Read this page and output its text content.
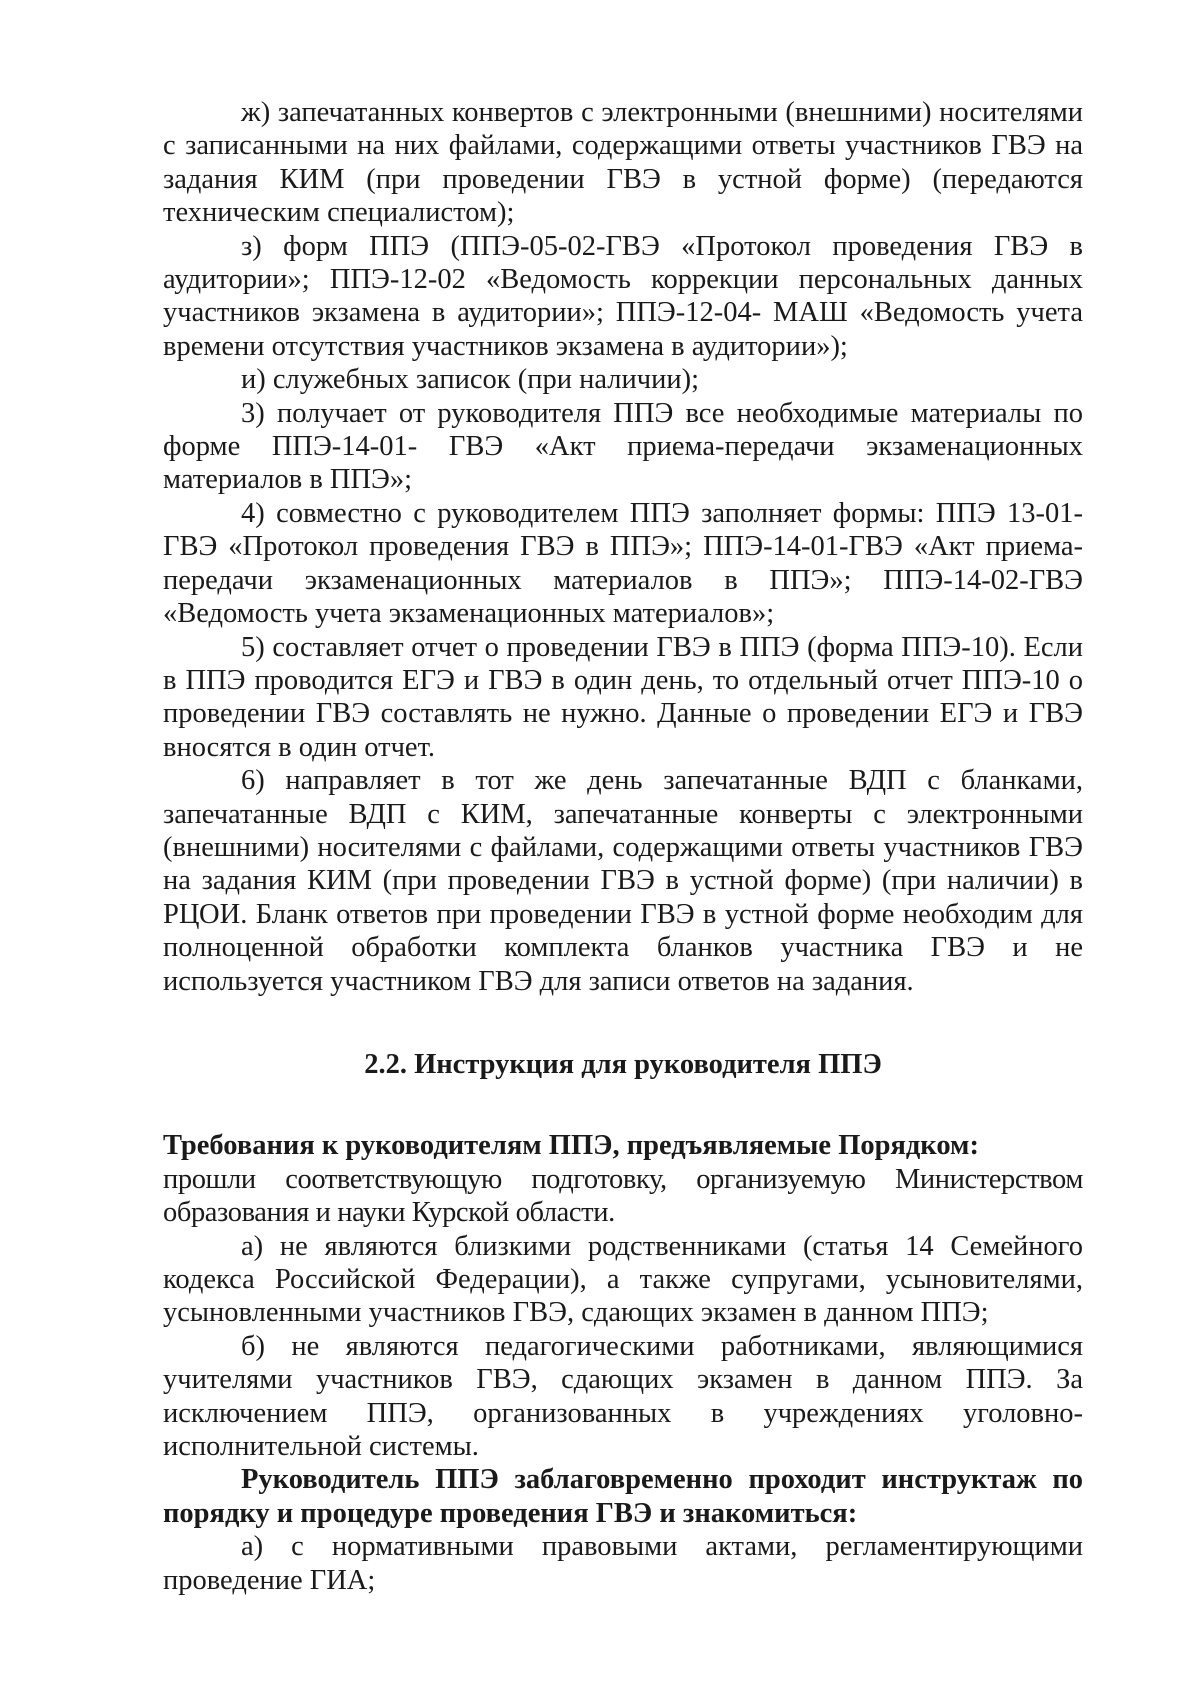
ж) запечатанных конвертов с электронными (внешними) носителями с записанными на них файлами, содержащими ответы участников ГВЭ на задания КИМ (при проведении ГВЭ в устной форме) (передаются техническим специалистом);

з) форм ППЭ (ППЭ-05-02-ГВЭ «Протокол проведения ГВЭ в аудитории»; ППЭ-12-02 «Ведомость коррекции персональных данных участников экзамена в аудитории»; ППЭ-12-04- МАШ «Ведомость учета времени отсутствия участников экзамена в аудитории»);

и) служебных записок (при наличии);

3) получает от руководителя ППЭ все необходимые материалы по форме ППЭ-14-01- ГВЭ «Акт приема-передачи экзаменационных материалов в ППЭ»;

4) совместно с руководителем ППЭ заполняет формы: ППЭ 13-01-ГВЭ «Протокол проведения ГВЭ в ППЭ»; ППЭ-14-01-ГВЭ «Акт приема-передачи экзаменационных материалов в ППЭ»; ППЭ-14-02-ГВЭ «Ведомость учета экзаменационных материалов»;

5) составляет отчет о проведении ГВЭ в ППЭ (форма ППЭ-10). Если в ППЭ проводится ЕГЭ и ГВЭ в один день, то отдельный отчет ППЭ-10 о проведении ГВЭ составлять не нужно. Данные о проведении ЕГЭ и ГВЭ вносятся в один отчет.

6) направляет в тот же день запечатанные ВДП с бланками, запечатанные ВДП с КИМ, запечатанные конверты с электронными (внешними) носителями с файлами, содержащими ответы участников ГВЭ на задания КИМ (при проведении ГВЭ в устной форме) (при наличии) в РЦОИ. Бланк ответов при проведении ГВЭ в устной форме необходим для полноценной обработки комплекта бланков участника ГВЭ и не используется участником ГВЭ для записи ответов на задания.

2.2. Инструкция для руководителя ППЭ

Требования к руководителям ППЭ, предъявляемые Порядком:

прошли соответствующую подготовку, организуемую Министерством образования и науки Курской области.

а) не являются близкими родственниками (статья 14 Семейного кодекса Российской Федерации), а также супругами, усыновителями, усыновленными участников ГВЭ, сдающих экзамен в данном ППЭ;

б) не являются педагогическими работниками, являющимися учителями участников ГВЭ, сдающих экзамен в данном ППЭ. За исключением ППЭ, организованных в учреждениях уголовно-исполнительной системы.

Руководитель ППЭ заблаговременно проходит инструктаж по порядку и процедуре проведения ГВЭ и знакомиться:

а) с нормативными правовыми актами, регламентирующими проведение ГИА;
